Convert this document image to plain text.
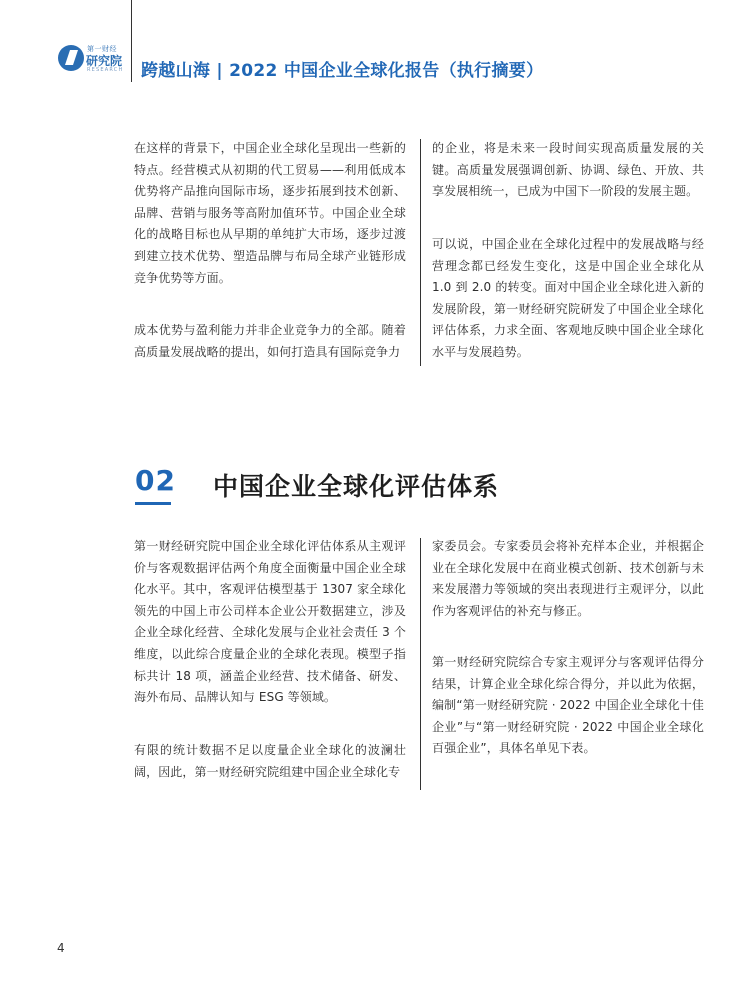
第一财经
研究院
RESEARCH 跨越山海 | 2022 中国企业全球化报告（执行摘要）

在这样的背景下，中国企业全球化呈现出一些新的特点。经营模式从初期的代工贸易——利用低成本优势将产品推向国际市场，逐步拓展到技术创新、品牌、营销与服务等高附加值环节。中国企业全球化的战略目标也从早期的单纯扩大市场，逐步过渡到建立技术优势、塑造品牌与布局全球产业链形成竞争优势等方面。

成本优势与盈利能力并非企业竞争力的全部。随着高质量发展战略的提出，如何打造具有国际竞争力

的企业，将是未来一段时间实现高质量发展的关键。高质量发展强调创新、协调、绿色、开放、共享发展相统一，已成为中国下一阶段的发展主题。

可以说，中国企业在全球化过程中的发展战略与经营理念都已经发生变化，这是中国企业全球化从 1.0 到 2.0 的转变。面对中国企业全球化进入新的发展阶段，第一财经研究院研发了中国企业全球化评估体系，力求全面、客观地反映中国企业全球化水平与发展趋势。

02 中国企业全球化评估体系

第一财经研究院中国企业全球化评估体系从主观评价与客观数据评估两个角度全面衡量中国企业全球化水平。其中，客观评估模型基于 1307 家全球化领先的中国上市公司样本企业公开数据建立，涉及企业全球化经营、全球化发展与企业社会责任 3 个维度，以此综合度量企业的全球化表现。模型子指标共计 18 项，涵盖企业经营、技术储备、研发、海外布局、品牌认知与 ESG 等领域。

有限的统计数据不足以度量企业全球化的波澜壮阔，因此，第一财经研究院组建中国企业全球化专

家委员会。专家委员会将补充样本企业，并根据企业在全球化发展中在商业模式创新、技术创新与未来发展潜力等领域的突出表现进行主观评分，以此作为客观评估的补充与修正。

第一财经研究院综合专家主观评分与客观评估得分结果，计算企业全球化综合得分，并以此为依据，编制“第一财经研究院 · 2022 中国企业全球化十佳企业”与“第一财经研究院 · 2022 中国企业全球化百强企业”，具体名单见下表。

4
